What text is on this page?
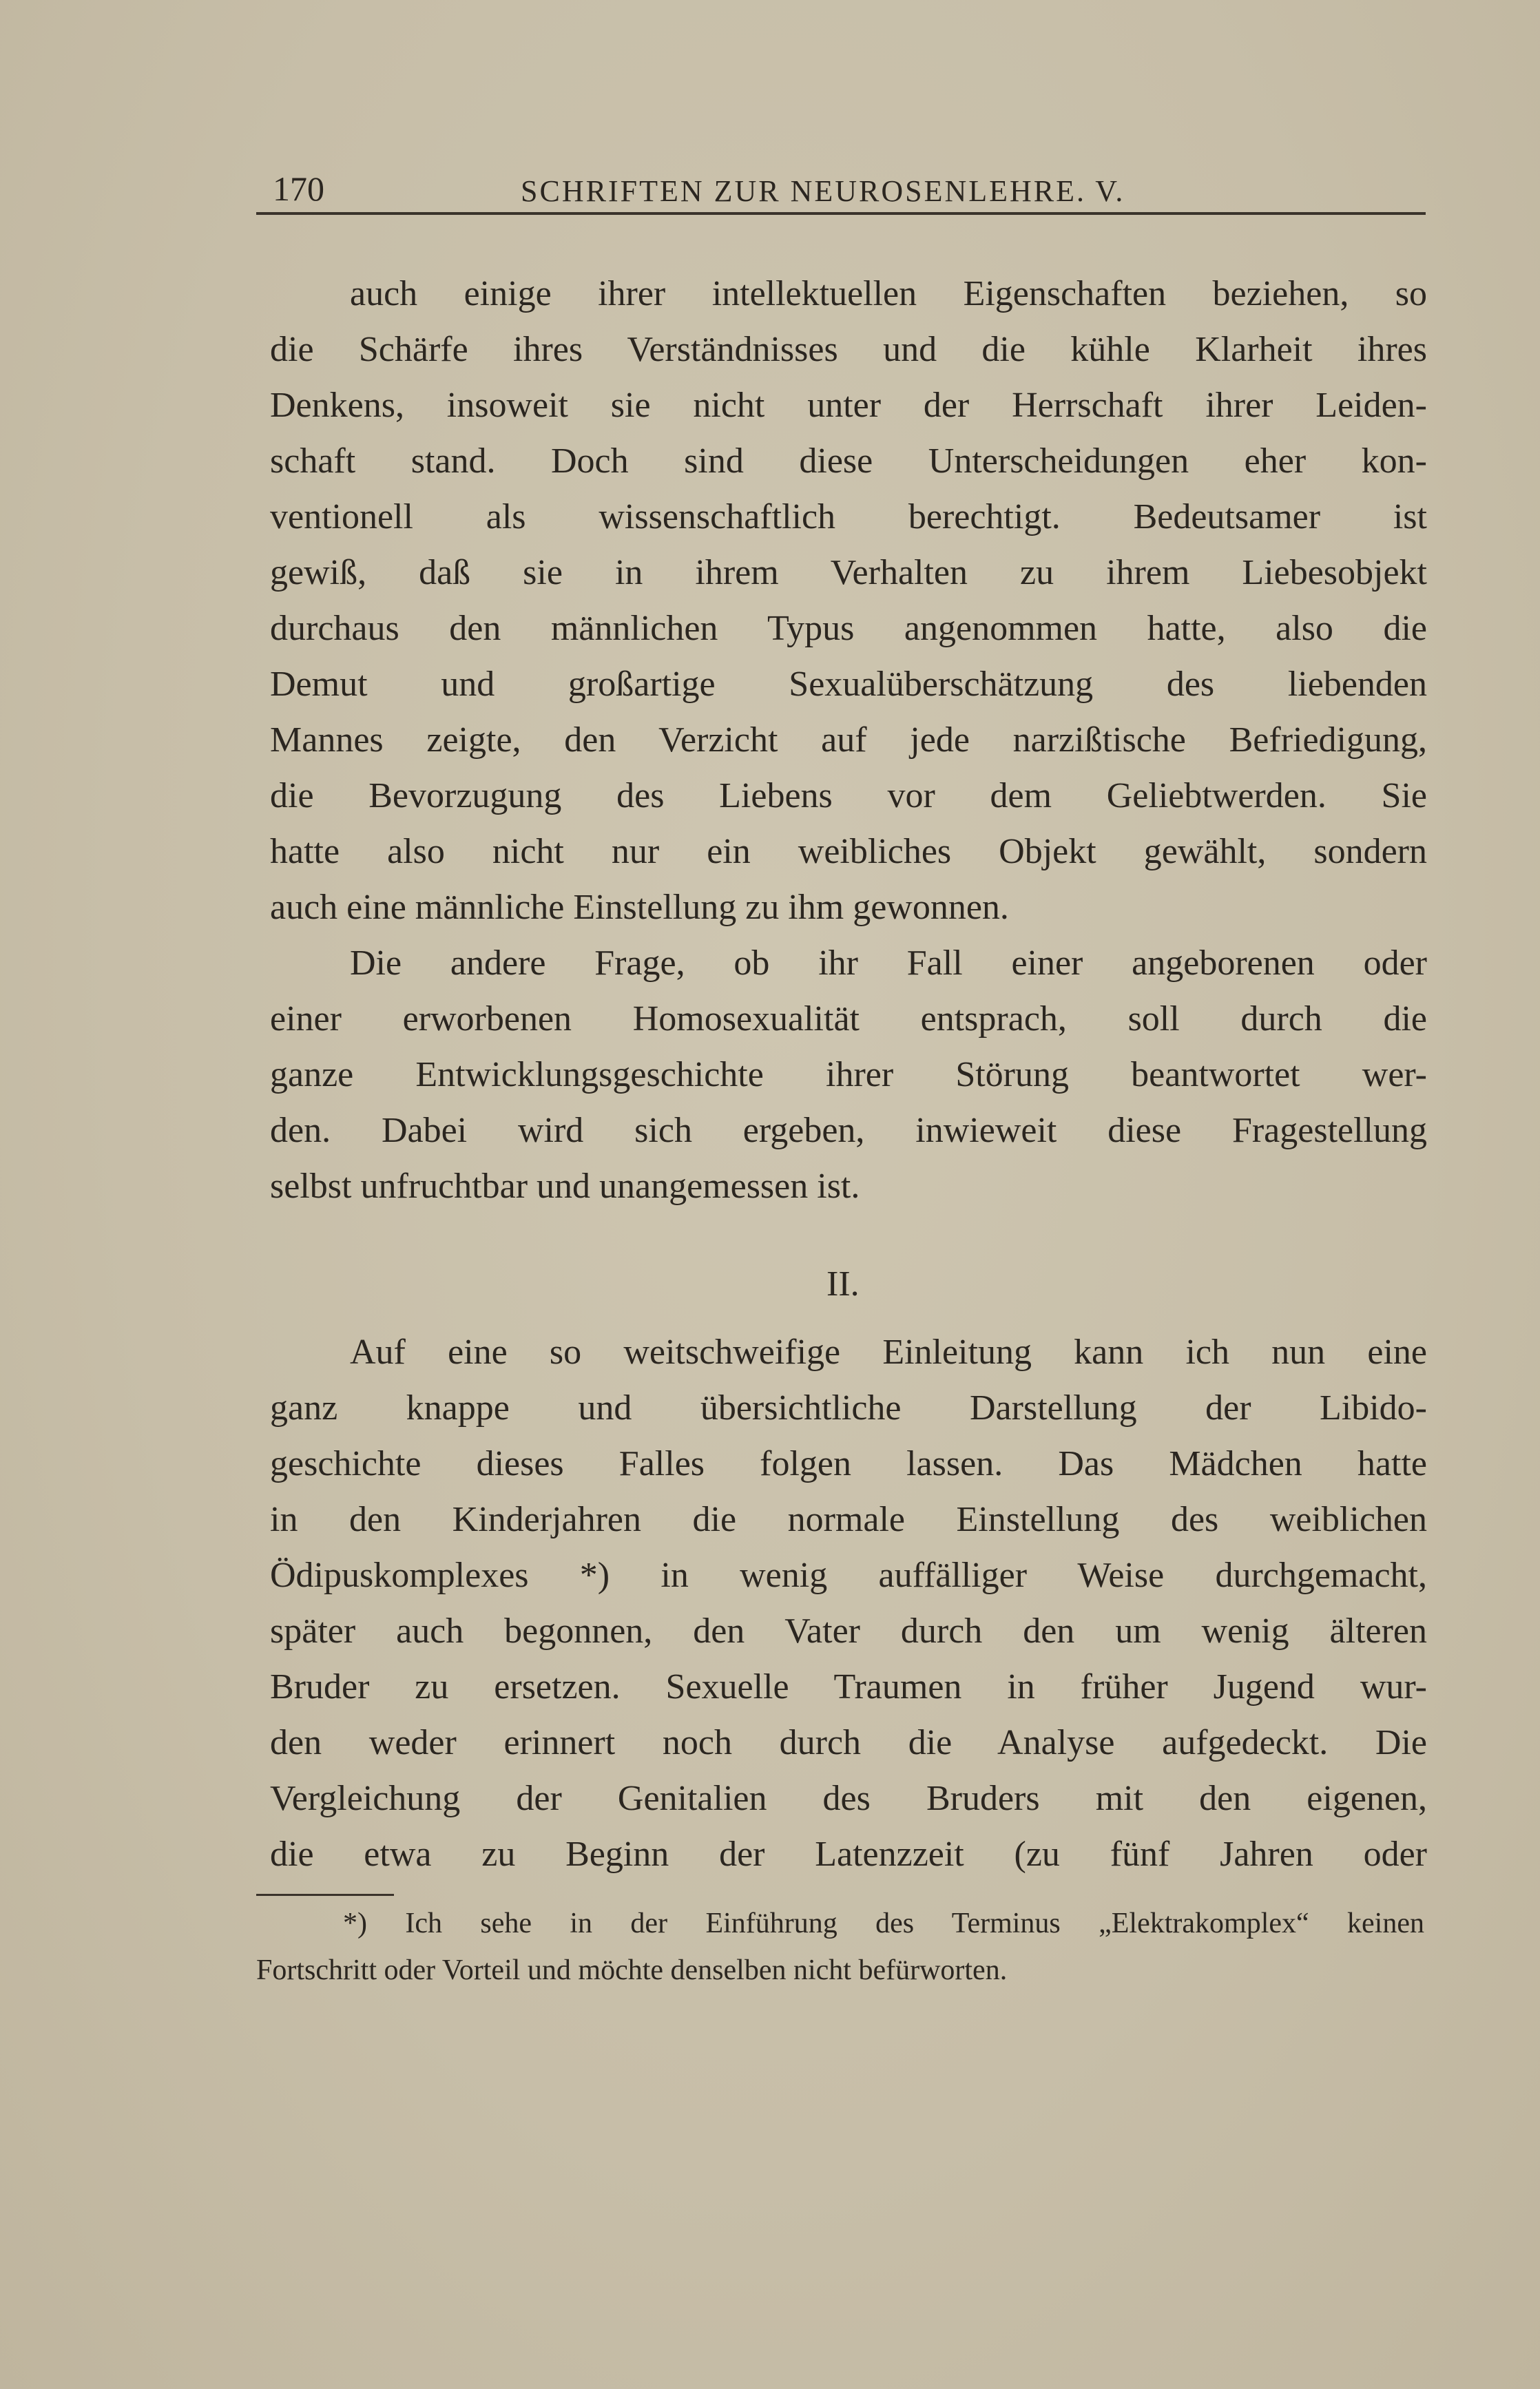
170	SCHRIFTEN ZUR NEUROSENLEHRE. V.
auch einige ihrer intellektuellen Eigenschaften beziehen, so
die Schärfe ihres Verständnisses und die kühle Klarheit ihres
Denkens, insoweit sie nicht unter der Herrschaft ihrer Leiden-
schaft stand. Doch sind diese Unterscheidungen eher kon-
ventionell als wissenschaftlich berechtigt. Bedeutsamer ist
gewiß, daß sie in ihrem Verhalten zu ihrem Liebesobjekt
durchaus den männlichen Typus angenommen hatte, also die
Demut und großartige Sexualüberschätzung des liebenden
Mannes zeigte, den Verzicht auf jede narzißtische Befriedigung,
die Bevorzugung des Liebens vor dem Geliebtwerden. Sie
hatte also nicht nur ein weibliches Objekt gewählt, sondern
auch eine männliche Einstellung zu ihm gewonnen.
Die andere Frage, ob ihr Fall einer angeborenen oder
einer erworbenen Homosexualität entsprach, soll durch die
ganze Entwicklungsgeschichte ihrer Störung beantwortet wer-
den. Dabei wird sich ergeben, inwieweit diese Fragestellung
selbst unfruchtbar und unangemessen ist.
Auf eine so weitschweifige Einleitung kann ich nun eine
ganz knappe und übersichtliche Darstellung der Libido-
geschichte dieses Falles folgen lassen. Das Mädchen hatte
in den Kinderjahren die normale Einstellung des weiblichen
Ödipuskomplexes *) in wenig auffälliger Weise durchgemacht,
später auch begonnen, den Vater durch den um wenig älteren
Bruder zu ersetzen. Sexuelle Traumen in früher Jugend wur-
den weder erinnert noch durch die Analyse aufgedeckt. Die
Vergleichung der Genitalien des Bruders mit den eigenen,
die etwa zu Beginn der Latenzzeit (zu fünf Jahren oder
II.
*) Ich sehe in der Einführung des Terminus „Elektrakomplex“ keinen
Fortschritt oder Vorteil und möchte denselben nicht befürworten.
